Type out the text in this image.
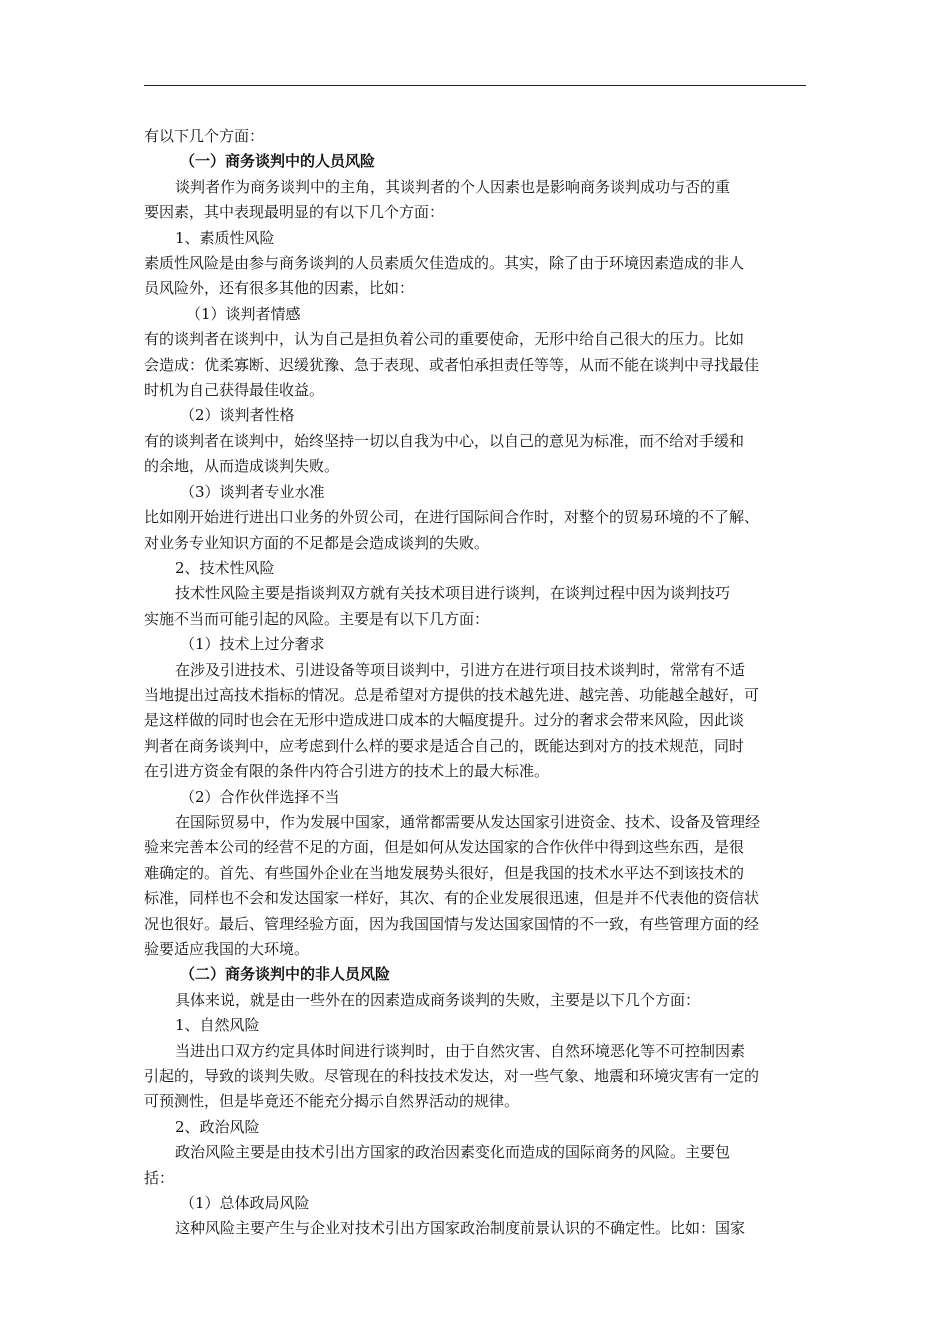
有以下几个方面：

（一）商务谈判中的人员风险

谈判者作为商务谈判中的主角，其谈判者的个人因素也是影响商务谈判成功与否的重

要因素，其中表现最明显的有以下几个方面：

1、素质性风险

素质性风险是由参与商务谈判的人员素质欠佳造成的。其实，除了由于环境因素造成的非人

员风险外，还有很多其他的因素，比如：

（1）谈判者情感

有的谈判者在谈判中，认为自己是担负着公司的重要使命，无形中给自己很大的压力。比如

会造成：优柔寡断、迟缓犹豫、急于表现、或者怕承担责任等等，从而不能在谈判中寻找最佳

时机为自己获得最佳收益。

（2）谈判者性格

有的谈判者在谈判中，始终坚持一切以自我为中心，以自己的意见为标准，而不给对手缓和

的余地，从而造成谈判失败。

（3）谈判者专业水准

比如刚开始进行进出口业务的外贸公司，在进行国际间合作时，对整个的贸易环境的不了解、

对业务专业知识方面的不足都是会造成谈判的失败。

2、技术性风险

技术性风险主要是指谈判双方就有关技术项目进行谈判，在谈判过程中因为谈判技巧

实施不当而可能引起的风险。主要是有以下几方面：

（1）技术上过分奢求

在涉及引进技术、引进设备等项目谈判中，引进方在进行项目技术谈判时，常常有不适

当地提出过高技术指标的情况。总是希望对方提供的技术越先进、越完善、功能越全越好，可

是这样做的同时也会在无形中造成进口成本的大幅度提升。过分的奢求会带来风险，因此谈

判者在商务谈判中，应考虑到什么样的要求是适合自己的，既能达到对方的技术规范，同时

在引进方资金有限的条件内符合引进方的技术上的最大标准。

（2）合作伙伴选择不当

在国际贸易中，作为发展中国家，通常都需要从发达国家引进资金、技术、设备及管理经

验来完善本公司的经营不足的方面，但是如何从发达国家的合作伙伴中得到这些东西，是很

难确定的。首先、有些国外企业在当地发展势头很好，但是我国的技术水平达不到该技术的

标准，同样也不会和发达国家一样好，其次、有的企业发展很迅速，但是并不代表他的资信状

况也很好。最后、管理经验方面，因为我国国情与发达国家国情的不一致，有些管理方面的经

验要适应我国的大环境。

（二）商务谈判中的非人员风险

具体来说，就是由一些外在的因素造成商务谈判的失败，主要是以下几个方面：

1、自然风险

当进出口双方约定具体时间进行谈判时，由于自然灾害、自然环境恶化等不可控制因素

引起的，导致的谈判失败。尽管现在的科技技术发达，对一些气象、地震和环境灾害有一定的

可预测性，但是毕竟还不能充分揭示自然界活动的规律。

2、政治风险

政治风险主要是由技术引出方国家的政治因素变化而造成的国际商务的风险。主要包

括：

（1）总体政局风险

这种风险主要产生与企业对技术引出方国家政治制度前景认识的不确定性。比如：国家
